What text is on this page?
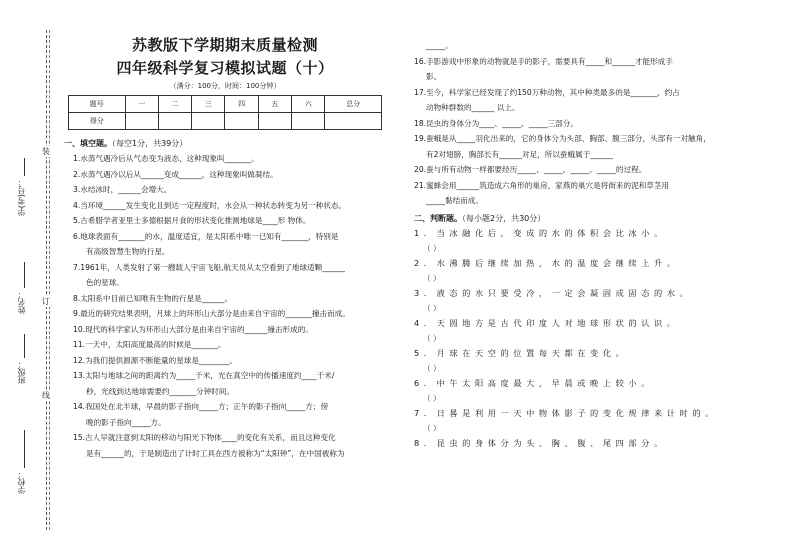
装
订
线
学(考)号：
姓名：
班级：
学校：

苏教版下学期期末质量检测

四年级科学复习模拟试题（十）

（满分：100分，时间：100分钟）

题号	一	二	三	四	五	六	总分
得分							
一、填空题。（每空1分，共39分）

1.水蒸气遇冷后从气态变为液态，这种现象叫_______。

2.水蒸气遇冷以后从______变成______，这种现象叫做凝结。

3.水结冰时，______会增大。

4.当环境______发生变化且到达一定程度时，水会从一种状态转变为另一种状态。

5.古希腊学者亚里士多德根据月食的形状变化推测地球是____形 物体。

6.地球表面有_______的水，温度适宜，是太阳系中唯一已知有_______，特别是

有高级智慧生物的行星。

7.1961年，人类发射了第一艘载人宇宙飞船,航天员从太空看到了地球适颗______

色的星球。

8.太阳系中目前已知唯有生物的行星是______。

9.最近的研究结果表明，月球上的环形山大部分是由来自宇宙的_______撞击而成。

10.现代的科学家认为环形山大部分是由来自宇宙的______撞击形成的。

11.一天中，太阳高度最高的时候是_______。

12.为我们提供源源不断能量的星球是________。

13.太阳与地球之间的距离约为_____千米，光在真空中的传播速度约____千米/

秒，光线到达地球需要约_______分钟时间。

14.我国处在北半球，早晨的影子指向_____方；正午的影子指向_____方；傍

晚的影子指向_____方。

15.古人早就注意到太阳的移动与阳光下物体____的变化有关系，而且这种变化

是有______的，于是制造出了计时工具在西方被称为“太阳钟”，在中国被称为

_____。

16.手影游戏中形象的动物就是手的影子，需要具有_____和______才能形成手

影。

17.至今，科学家已经发现了约150万种动物，其中种类最多的是_______，约占

动物种群数的______ 以上。

18.昆虫的身体分为____、_____、_____三部分。

19.蚕蛾是从_____羽化出来的，它的身体分为头部、胸部、腹三部分，头部有一对触角，

有2对翅膀，胸部长有______对足，所以蚕蛾属于______

20.蚕与所有动物一样都要经历_____、_____、_____、_____的过程。

21.蜜蜂会用______筑造成六角形的巢房，家燕的巢穴是将街来的泥和草茎用

_____黏结而成。

二、判断题。（每小题2分，共30分）

1．当冰融化后，变成的水的体积会比冰小。

（ ）

2．水沸腾后继续加热，水的温度会继续上升。

（ ）

3．液态的水只要受冷，一定会凝固成固态的水。

（ ）

4．天圆地方是古代印度人对地球形状的认识。

（ ）

5．月球在天空的位置每天都在变化。

（ ）

6．中午太阳高度最大，早晨或晚上较小。

（ ）

7．日晷是利用一天中物体影子的变化规律来计时的。

（ ）

8．昆虫的身体分为头、胸、腹、尾四部分。
